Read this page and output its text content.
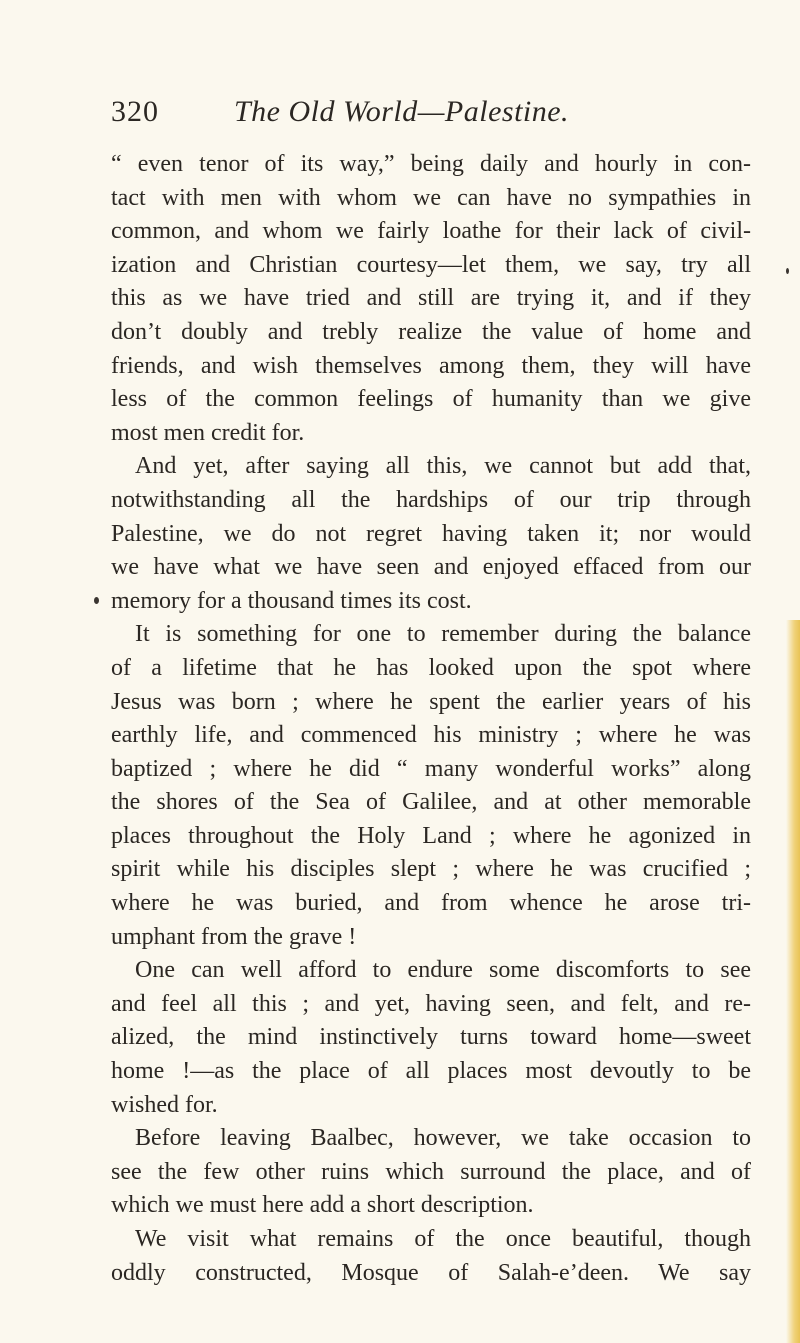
320	The Old World—Palestine.
“ even tenor of its way,” being daily and hourly in con-
tact with men with whom we can have no sympathies in
common, and whom we fairly loathe for their lack of civil-
ization and Christian courtesy—let them, we say, try all
this as we have tried and still are trying it, and if they
don’t doubly and trebly realize the value of home and
friends, and wish themselves among them, they will have
less of the common feelings of humanity than we give
most men credit for.
And yet, after saying all this, we cannot but add that,
notwithstanding all the hardships of our trip through
Palestine, we do not regret having taken it; nor would
we have what we have seen and enjoyed effaced from our
memory for a thousand times its cost.
It is something for one to remember during the balance
of a lifetime that he has looked upon the spot where
Jesus was born ; where he spent the earlier years of his
earthly life, and commenced his ministry ; where he was
baptized ; where he did “ many wonderful works” along
the shores of the Sea of Galilee, and at other memorable
places throughout the Holy Land ; where he agonized in
spirit while his disciples slept ; where he was crucified ;
where he was buried, and from whence he arose tri-
umphant from the grave !
One can well afford to endure some discomforts to see
and feel all this ; and yet, having seen, and felt, and re-
alized, the mind instinctively turns toward home—sweet
home !—as the place of all places most devoutly to be
wished for.
Before leaving Baalbec, however, we take occasion to
see the few other ruins which surround the place, and of
which we must here add a short description.
We visit what remains of the once beautiful, though
oddly constructed, Mosque of Salah-e’deen. We say
